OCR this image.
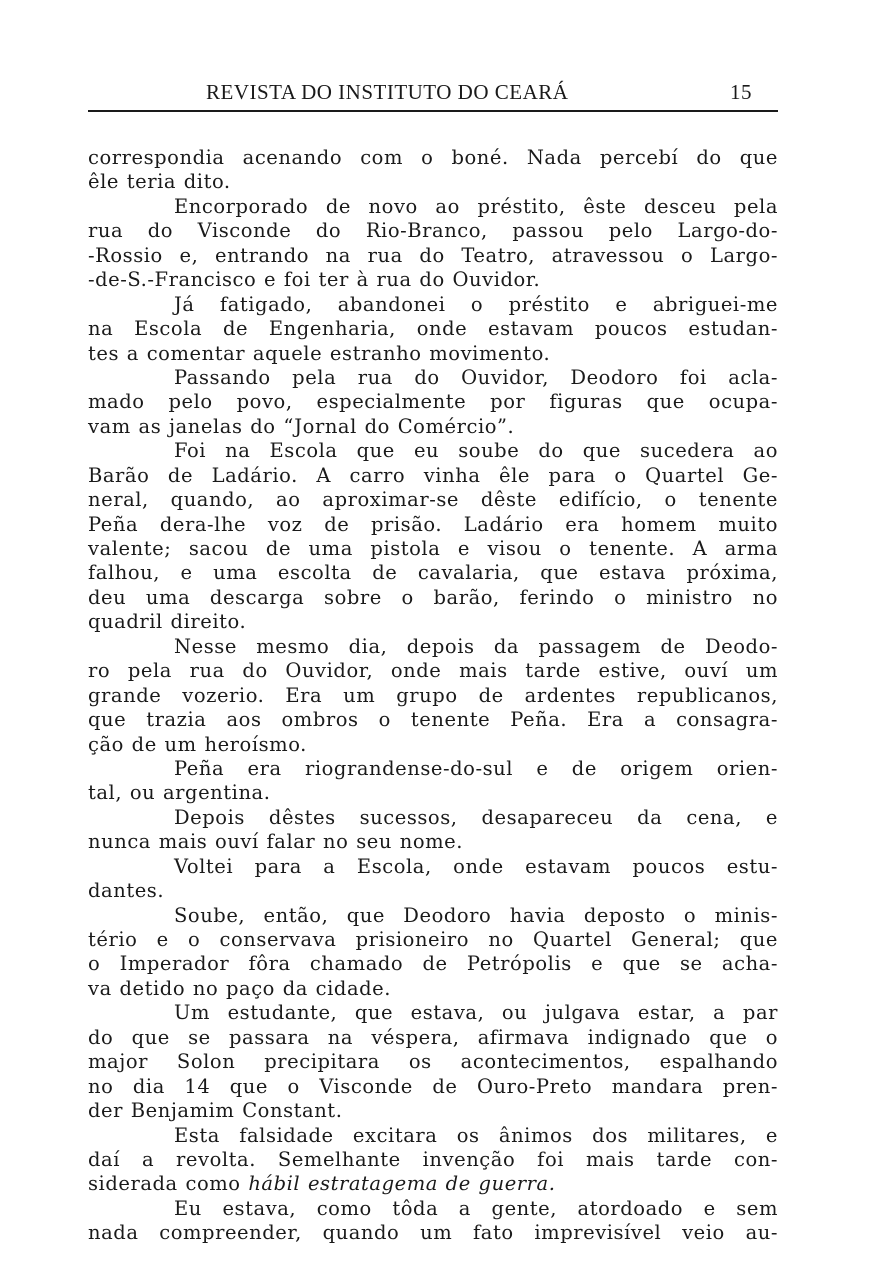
REVISTA DO INSTITUTO DO CEARÁ	15
correspondia acenando com o boné. Nada percebí do que
êle teria dito.
Encorporado de novo ao préstito, êste desceu pela
rua do Visconde do Rio-Branco, passou pelo Largo-do-
-Rossio e, entrando na rua do Teatro, atravessou o Largo-
-de-S.-Francisco e foi ter à rua do Ouvidor.
Já fatigado, abandonei o préstito e abriguei-me
na Escola de Engenharia, onde estavam poucos estudan-
tes a comentar aquele estranho movimento.
Passando pela rua do Ouvidor, Deodoro foi acla-
mado pelo povo, especialmente por figuras que ocupa-
vam as janelas do “Jornal do Comércio”.
Foi na Escola que eu soube do que sucedera ao
Barão de Ladário. A carro vinha êle para o Quartel Ge-
neral, quando, ao aproximar-se dêste edifício, o tenente
Peña dera-lhe voz de prisão. Ladário era homem muito
valente; sacou de uma pistola e visou o tenente. A arma
falhou, e uma escolta de cavalaria, que estava próxima,
deu uma descarga sobre o barão, ferindo o ministro no
quadril direito.
Nesse mesmo dia, depois da passagem de Deodo-
ro pela rua do Ouvidor, onde mais tarde estive, ouví um
grande vozerio. Era um grupo de ardentes republicanos,
que trazia aos ombros o tenente Peña. Era a consagra-
ção de um heroísmo.
Peña era riograndense-do-sul e de origem orien-
tal, ou argentina.
Depois dêstes sucessos, desapareceu da cena, e
nunca mais ouví falar no seu nome.
Voltei para a Escola, onde estavam poucos estu-
dantes.
Soube, então, que Deodoro havia deposto o minis-
tério e o conservava prisioneiro no Quartel General; que
o Imperador fôra chamado de Petrópolis e que se acha-
va detido no paço da cidade.
Um estudante, que estava, ou julgava estar, a par
do que se passara na véspera, afirmava indignado que o
major Solon precipitara os acontecimentos, espalhando
no dia 14 que o Visconde de Ouro-Preto mandara pren-
der Benjamim Constant.
Esta falsidade excitara os ânimos dos militares, e
daí a revolta. Semelhante invenção foi mais tarde con-
siderada como hábil estratagema de guerra.
Eu estava, como tôda a gente, atordoado e sem
nada compreender, quando um fato imprevisível veio au-
